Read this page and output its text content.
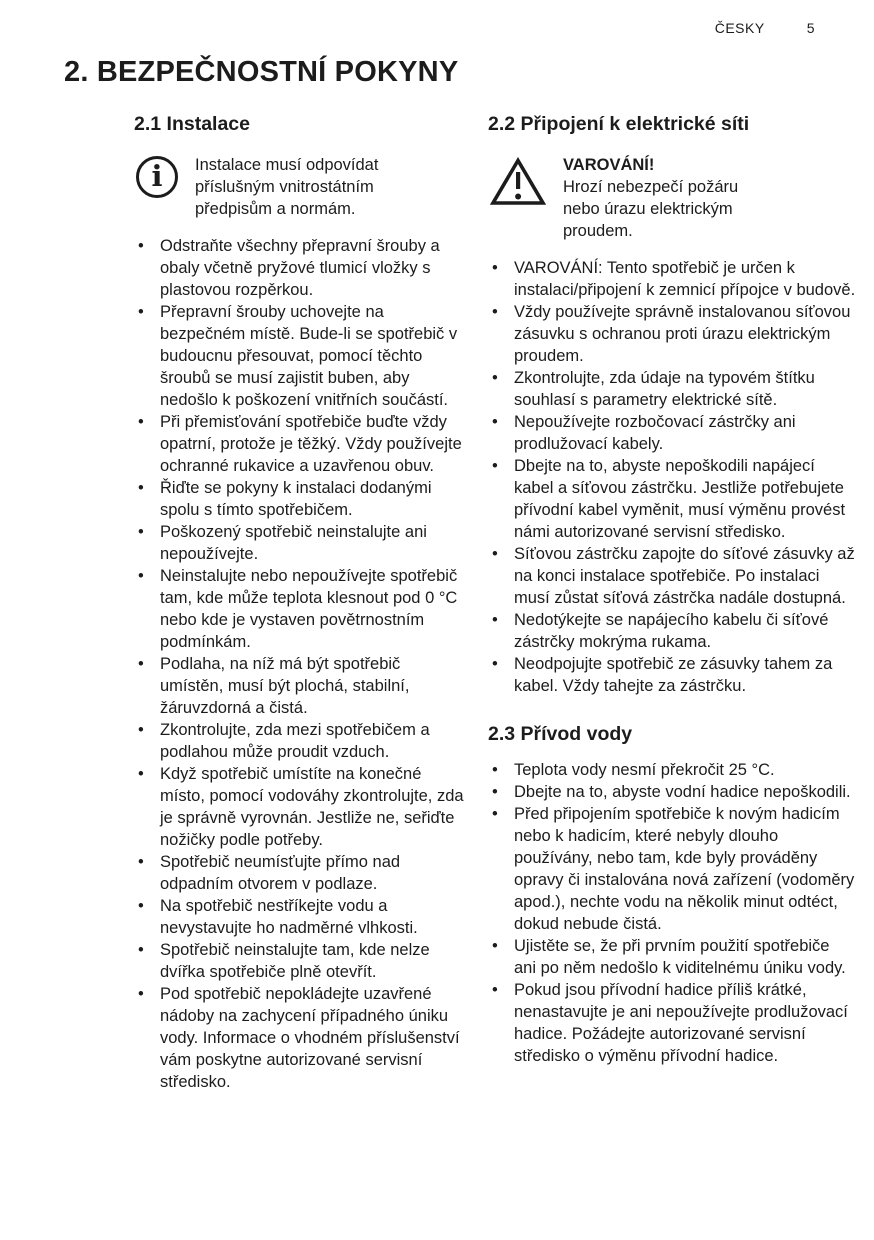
ČESKY	5
2. BEZPEČNOSTNÍ POKYNY
2.1 Instalace
i Instalace musí odpovídat příslušným vnitrostátním předpisům a normám.

• Odstraňte všechny přepravní šrouby a obaly včetně pryžové tlumicí vložky s plastovou rozpěrkou.
• Přepravní šrouby uchovejte na bezpečném místě. Bude-li se spotřebič v budoucnu přesouvat, pomocí těchto šroubů se musí zajistit buben, aby nedošlo k poškození vnitřních součástí.
• Při přemisťování spotřebiče buďte vždy opatrní, protože je těžký. Vždy používejte ochranné rukavice a uzavřenou obuv.
• Řiďte se pokyny k instalaci dodanými spolu s tímto spotřebičem.
• Poškozený spotřebič neinstalujte ani nepoužívejte.
• Neinstalujte nebo nepoužívejte spotřebič tam, kde může teplota klesnout pod 0 °C nebo kde je vystaven povětrnostním podmínkám.
• Podlaha, na níž má být spotřebič umístěn, musí být plochá, stabilní, žáruvzdorná a čistá.
• Zkontrolujte, zda mezi spotřebičem a podlahou může proudit vzduch.
• Když spotřebič umístíte na konečné místo, pomocí vodováhy zkontrolujte, zda je správně vyrovnán. Jestliže ne, seřiďte nožičky podle potřeby.
• Spotřebič neumísťujte přímo nad odpadním otvorem v podlaze.
• Na spotřebič nestříkejte vodu a nevystavujte ho nadměrné vlhkosti.
• Spotřebič neinstalujte tam, kde nelze dvířka spotřebiče plně otevřít.
• Pod spotřebič nepokládejte uzavřené nádoby na zachycení případného úniku vody. Informace o vhodném příslušenství vám poskytne autorizované servisní středisko.
2.2 Připojení k elektrické síti

VAROVÁNÍ!

Hrozí nebezpečí požáru nebo úrazu elektrickým proudem.

• VAROVÁNÍ: Tento spotřebič je určen k instalaci/připojení k zemnicí přípojce v budově.
• Vždy používejte správně instalovanou síťovou zásuvku s ochranou proti úrazu elektrickým proudem.
• Zkontrolujte, zda údaje na typovém štítku souhlasí s parametry elektrické sítě.
• Nepoužívejte rozbočovací zástrčky ani prodlužovací kabely.
• Dbejte na to, abyste nepoškodili napájecí kabel a síťovou zástrčku. Jestliže potřebujete přívodní kabel vyměnit, musí výměnu provést námi autorizované servisní středisko.
• Síťovou zástrčku zapojte do síťové zásuvky až na konci instalace spotřebiče. Po instalaci musí zůstat síťová zástrčka nadále dostupná.
• Nedotýkejte se napájecího kabelu či síťové zástrčky mokrýma rukama.
• Neodpojujte spotřebič ze zásuvky tahem za kabel. Vždy tahejte za zástrčku.
2.3 Přívod vody
• Teplota vody nesmí překročit 25 °C.
• Dbejte na to, abyste vodní hadice nepoškodili.
• Před připojením spotřebiče k novým hadicím nebo k hadicím, které nebyly dlouho používány, nebo tam, kde byly prováděny opravy či instalována nová zařízení (vodoměry apod.), nechte vodu na několik minut odtéct, dokud nebude čistá.
• Ujistěte se, že při prvním použití spotřebiče ani po něm nedošlo k viditelnému úniku vody.
• Pokud jsou přívodní hadice příliš krátké, nenastavujte je ani nepoužívejte prodlužovací hadice. Požádejte autorizované servisní středisko o výměnu přívodní hadice.
